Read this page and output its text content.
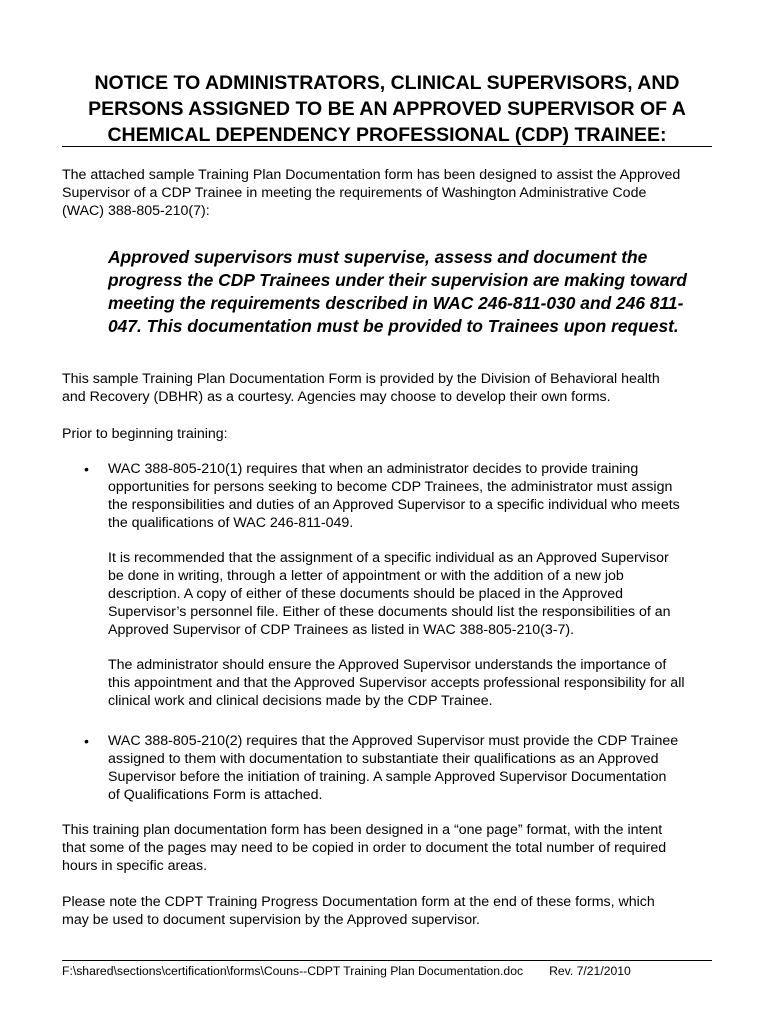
NOTICE TO ADMINISTRATORS, CLINICAL SUPERVISORS, AND
PERSONS ASSIGNED TO BE AN APPROVED SUPERVISOR OF A
CHEMICAL DEPENDENCY PROFESSIONAL (CDP) TRAINEE:

The attached sample Training Plan Documentation form has been designed to assist the Approved
Supervisor of a CDP Trainee in meeting the requirements of Washington Administrative Code
(WAC) 388-805-210(7):

Approved supervisors must supervise, assess and document the
progress the CDP Trainees under their supervision are making toward
meeting the requirements described in WAC 246-811-030 and 246 811-
047. This documentation must be provided to Trainees upon request.

This sample Training Plan Documentation Form is provided by the Division of Behavioral health
and Recovery (DBHR) as a courtesy. Agencies may choose to develop their own forms.

Prior to beginning training:

• WAC 388-805-210(1) requires that when an administrator decides to provide training
opportunities for persons seeking to become CDP Trainees, the administrator must assign
the responsibilities and duties of an Approved Supervisor to a specific individual who meets
the qualifications of WAC 246-811-049.

It is recommended that the assignment of a specific individual as an Approved Supervisor
be done in writing, through a letter of appointment or with the addition of a new job
description. A copy of either of these documents should be placed in the Approved
Supervisor’s personnel file. Either of these documents should list the responsibilities of an
Approved Supervisor of CDP Trainees as listed in WAC 388-805-210(3-7).

The administrator should ensure the Approved Supervisor understands the importance of
this appointment and that the Approved Supervisor accepts professional responsibility for all
clinical work and clinical decisions made by the CDP Trainee.

• WAC 388-805-210(2) requires that the Approved Supervisor must provide the CDP Trainee
assigned to them with documentation to substantiate their qualifications as an Approved
Supervisor before the initiation of training. A sample Approved Supervisor Documentation
of Qualifications Form is attached.

This training plan documentation form has been designed in a “one page” format, with the intent
that some of the pages may need to be copied in order to document the total number of required
hours in specific areas.

Please note the CDPT Training Progress Documentation form at the end of these forms, which
may be used to document supervision by the Approved supervisor.

F:\shared\sections\certification\forms\Couns--CDPT Training Plan Documentation.doc Rev. 7/21/2010
